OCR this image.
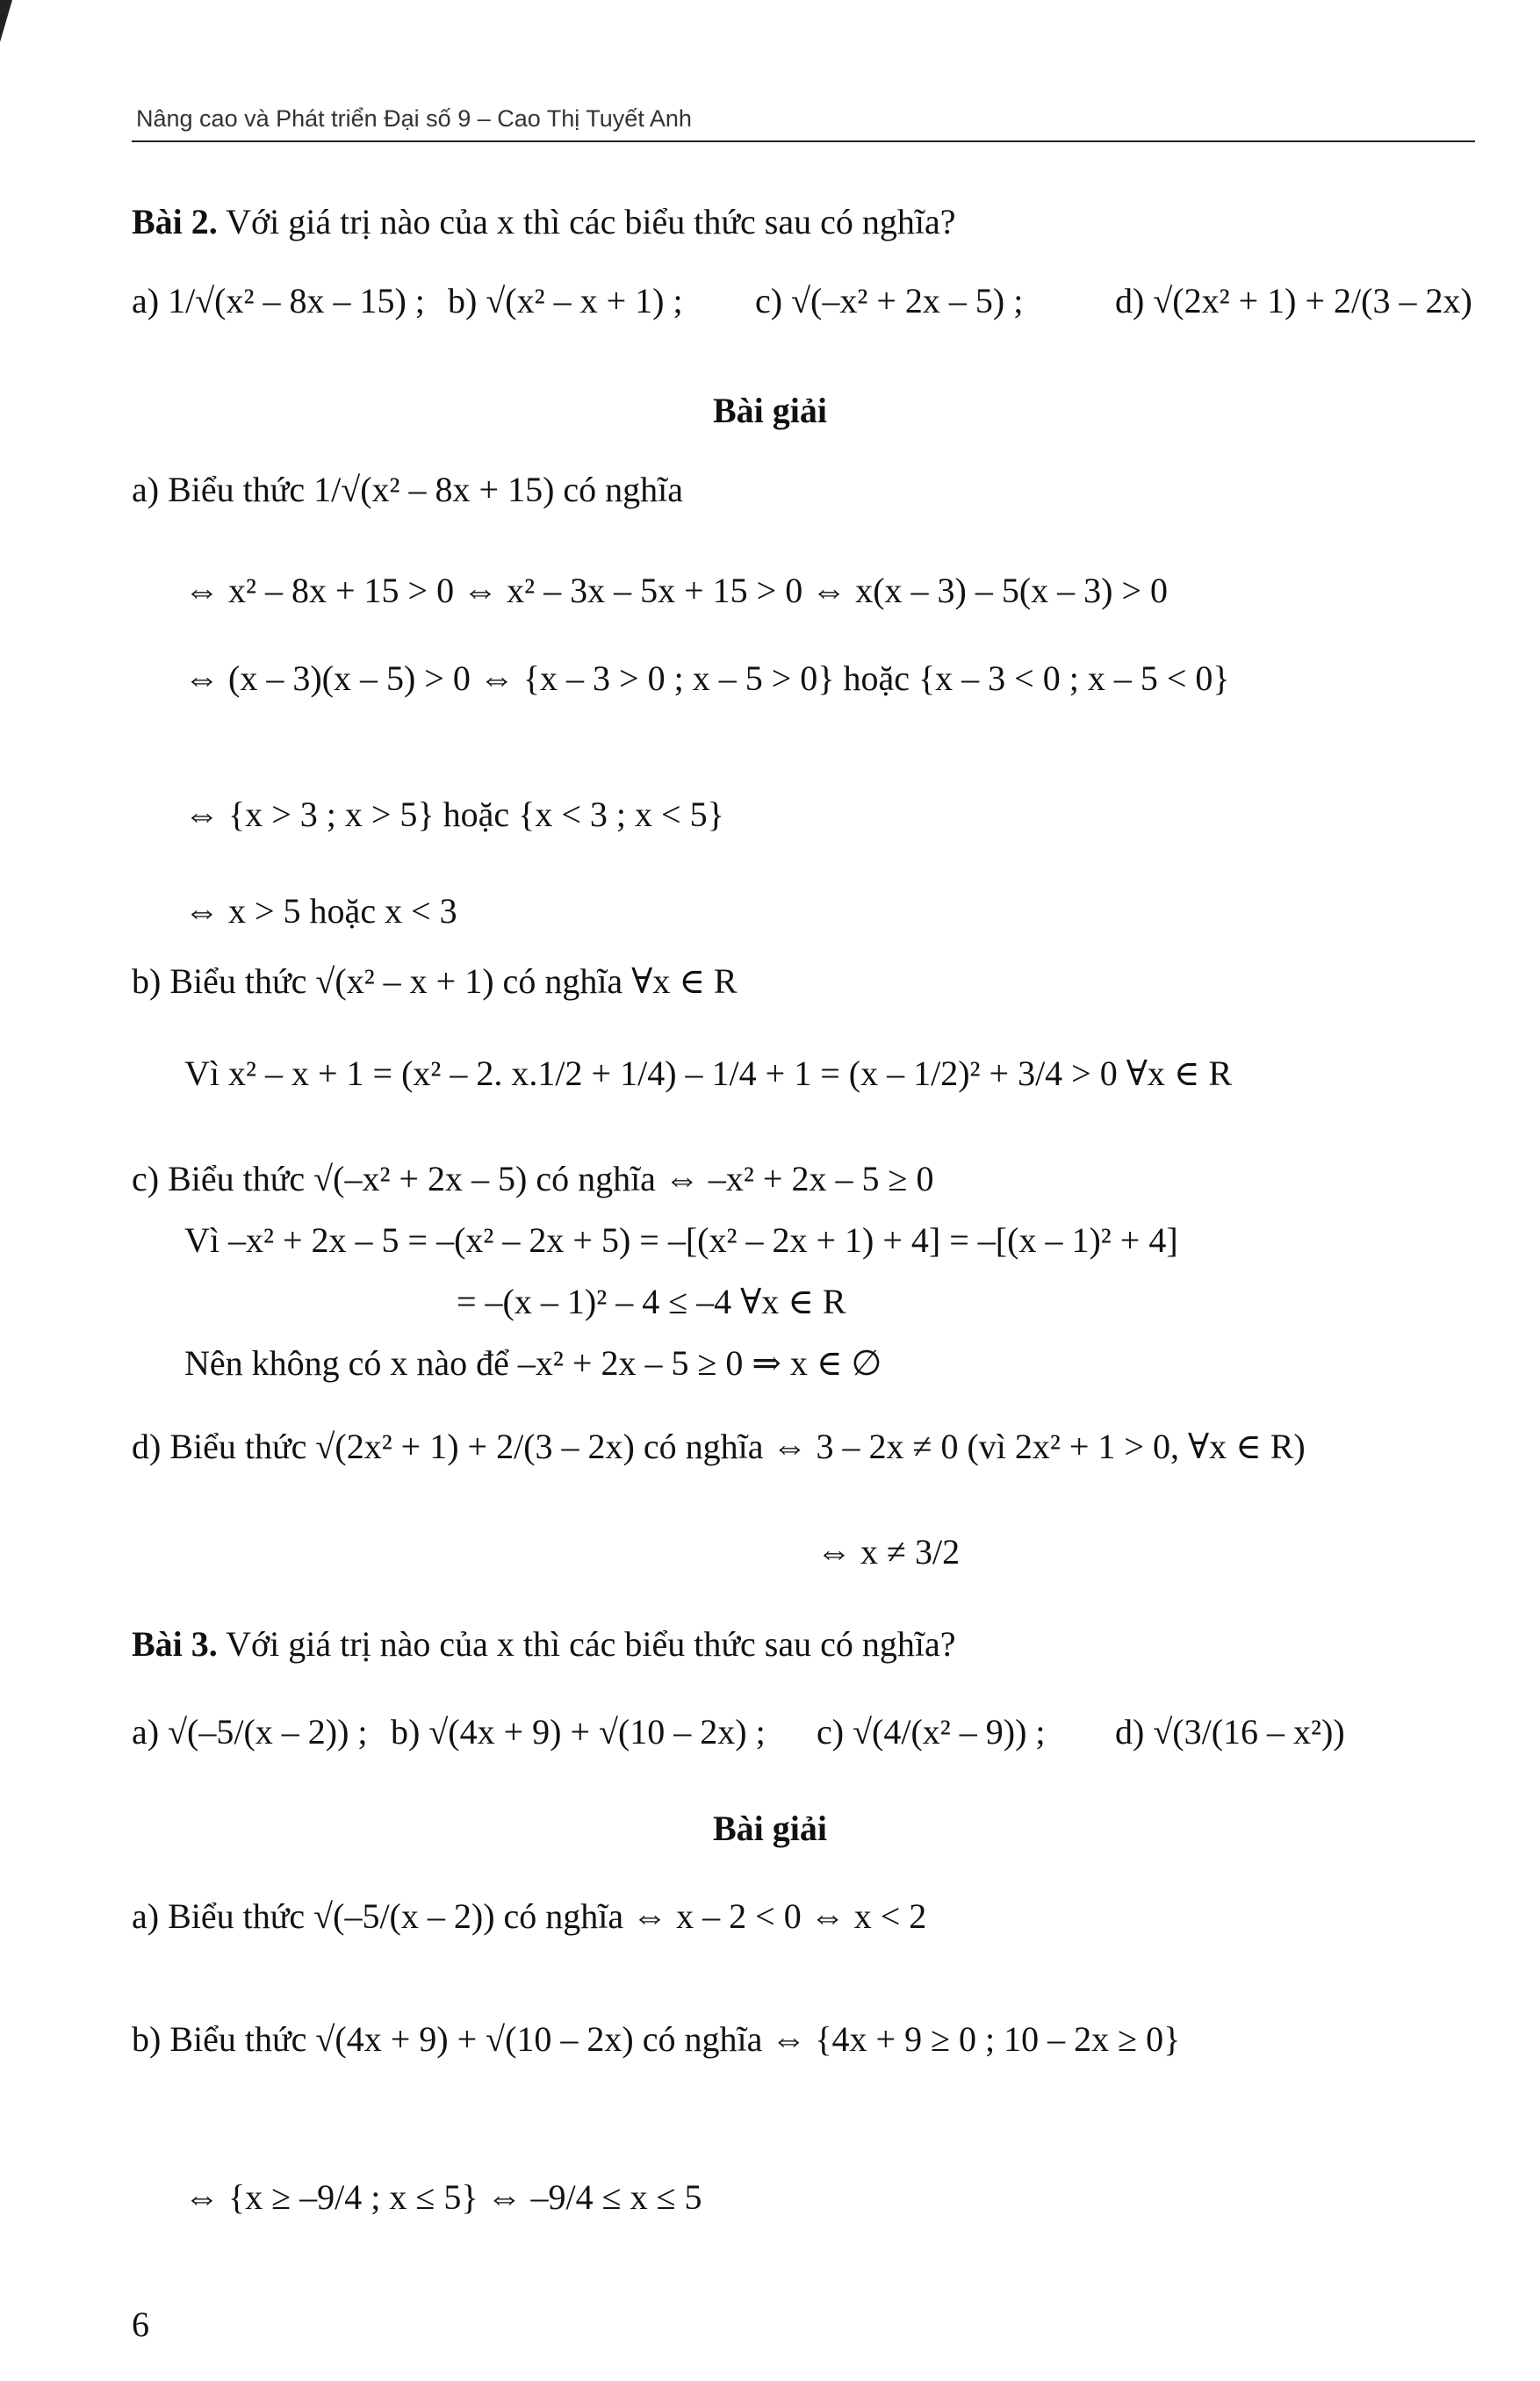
Nâng cao và Phát triển Đại số 9 – Cao Thị Tuyết Anh
Bài 2. Với giá trị nào của x thì các biểu thức sau có nghĩa?
a) 1/√(x² – 8x – 15) ; b) √(x² – x + 1) ; c) √(–x² + 2x – 5) ;	d) √(2x² + 1) + 2/(3 – 2x)
Bài giải
a) Biểu thức 1/√(x² – 8x + 15) có nghĩa
⇔ x² – 8x + 15 > 0 ⇔ x² – 3x – 5x + 15 > 0 ⇔ x(x – 3) – 5(x – 3) > 0
⇔ (x – 3)(x – 5) > 0 ⇔ {x – 3 > 0 ; x – 5 > 0} hoặc {x – 3 < 0 ; x – 5 < 0}
⇔ {x > 3 ; x > 5} hoặc {x < 3 ; x < 5}
⇔ x > 5 hoặc x < 3
b) Biểu thức √(x² – x + 1) có nghĩa ∀x ∈ R
Vì x² – x + 1 = (x² – 2. x.1/2 + 1/4) – 1/4 + 1 = (x – 1/2)² + 3/4 > 0 ∀x ∈ R
c) Biểu thức √(–x² + 2x – 5) có nghĩa ⇔ –x² + 2x – 5 ≥ 0
Vì –x² + 2x – 5 = –(x² – 2x + 5) = –[(x² – 2x + 1) + 4] = –[(x – 1)² + 4]
= –(x – 1)² – 4 ≤ –4 ∀x ∈ R
Nên không có x nào để –x² + 2x – 5 ≥ 0 ⇒ x ∈ ∅
d) Biểu thức √(2x² + 1) + 2/(3 – 2x) có nghĩa ⇔ 3 – 2x ≠ 0 (vì 2x² + 1 > 0, ∀x ∈ R)
⇔ x ≠ 3/2
Bài 3. Với giá trị nào của x thì các biểu thức sau có nghĩa?
a) √(–5/(x – 2)) ; b) √(4x + 9) + √(10 – 2x) ; c) √(4/(x² – 9)) ; d) √(3/(16 – x²))
Bài giải
a) Biểu thức √(–5/(x – 2)) có nghĩa ⇔ x – 2 < 0 ⇔ x < 2
b) Biểu thức √(4x + 9) + √(10 – 2x) có nghĩa ⇔ {4x + 9 ≥ 0 ; 10 – 2x ≥ 0}
⇔ {x ≥ –9/4 ; x ≤ 5} ⇔ –9/4 ≤ x ≤ 5
6
